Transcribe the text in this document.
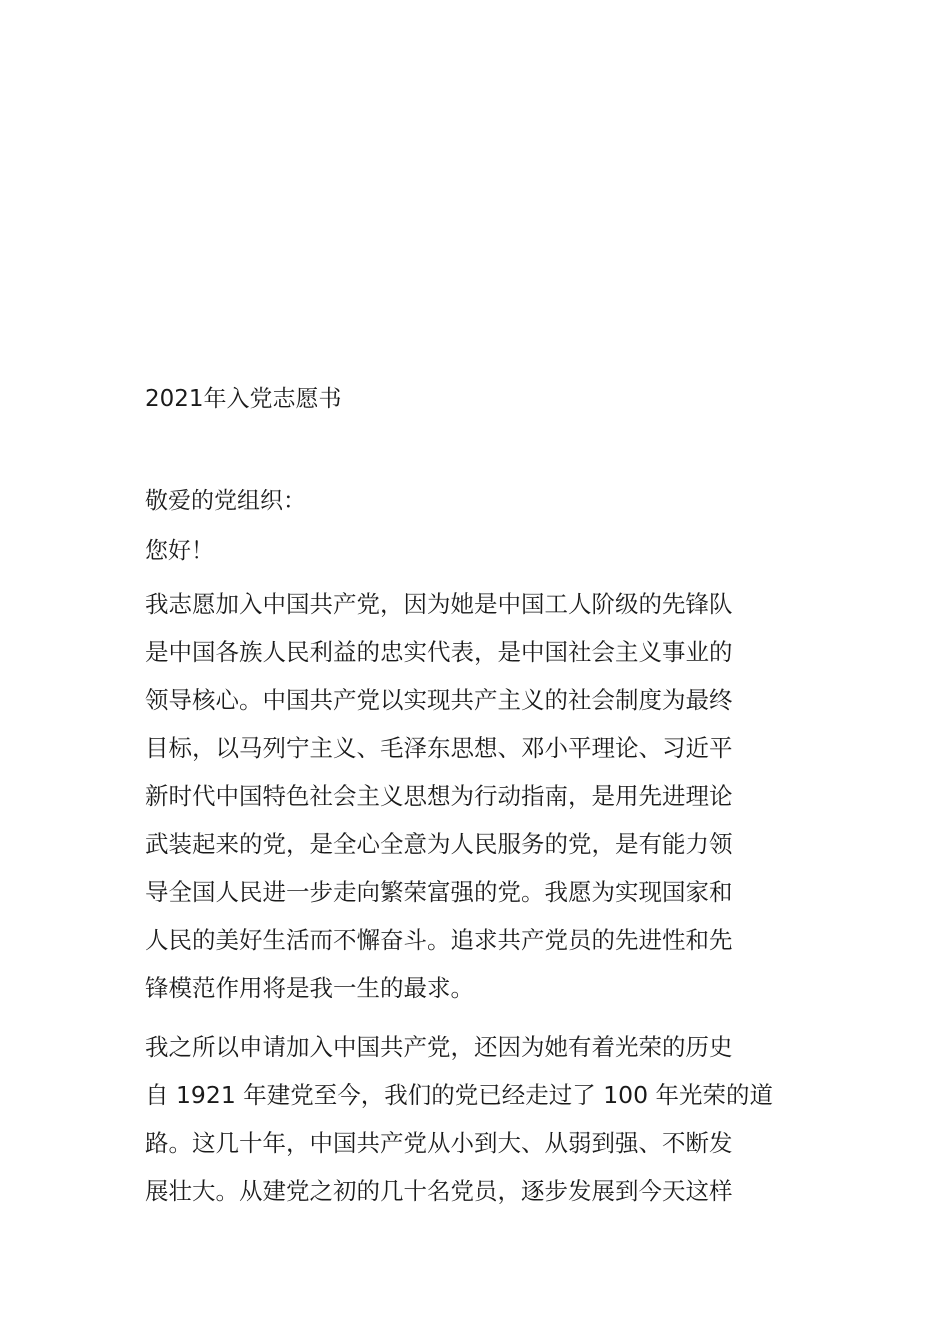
2021年入党志愿书
敬爱的党组织：
您好！
我志愿加入中国共产党，因为她是中国工人阶级的先锋队
是中国各族人民利益的忠实代表，是中国社会主义事业的
领导核心。中国共产党以实现共产主义的社会制度为最终
目标，以马列宁主义、毛泽东思想、邓小平理论、习近平
新时代中国特色社会主义思想为行动指南，是用先进理论
武装起来的党，是全心全意为人民服务的党，是有能力领
导全国人民进一步走向繁荣富强的党。我愿为实现国家和
人民的美好生活而不懈奋斗。追求共产党员的先进性和先
锋模范作用将是我一生的最求。
我之所以申请加入中国共产党，还因为她有着光荣的历史
自 1921 年建党至今，我们的党已经走过了 100 年光荣的道
路。这几十年，中国共产党从小到大、从弱到强、不断发
展壮大。从建党之初的几十名党员，逐步发展到今天这样
